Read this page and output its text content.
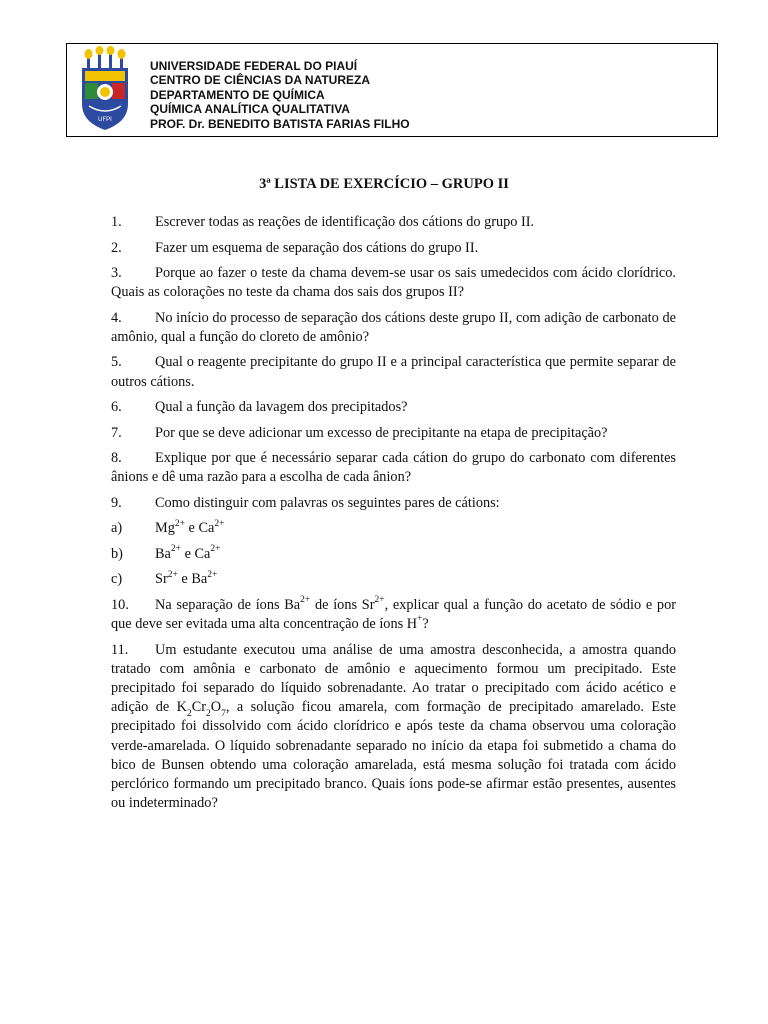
UFPI
UNIVERSIDADE FEDERAL DO PIAUÍ
CENTRO DE CIÊNCIAS DA NATUREZA
DEPARTAMENTO DE QUÍMICA
QUÍMICA ANALÍTICA QUALITATIVA
PROF. Dr. BENEDITO BATISTA FARIAS FILHO
3ª LISTA DE EXERCÍCIO – GRUPO II

1. Escrever todas as reações de identificação dos cátions do grupo II.

2. Fazer um esquema de separação dos cátions do grupo II.

3. Porque ao fazer o teste da chama devem-se usar os sais umedecidos com ácido clorídrico. Quais as colorações no teste da chama dos sais dos grupos II?

4. No início do processo de separação dos cátions deste grupo II, com adição de carbonato de amônio, qual a função do cloreto de amônio?

5. Qual o reagente precipitante do grupo II e a principal característica que permite separar de outros cátions.

6. Qual a função da lavagem dos precipitados?

7. Por que se deve adicionar um excesso de precipitante na etapa de precipitação?

8. Explique por que é necessário separar cada cátion do grupo do carbonato com diferentes ânions e dê uma razão para a escolha de cada ânion?

9. Como distinguir com palavras os seguintes pares de cátions:

a) $Mg^{2+}$ e $Ca^{2+}$

b) $Ba^{2+}$ e $Ca^{2+}$

c) $Sr^{2+}$ e $Ba^{2+}$

10. Na separação de íons $Ba^{2+}$ de íons $Sr^{2+}$, explicar qual a função do acetato de sódio e por que deve ser evitada uma alta concentração de íons H+?

11. Um estudante executou uma análise de uma amostra desconhecida, a amostra quando tratado com amônia e carbonato de amônio e aquecimento formou um precipitado. Este precipitado foi separado do líquido sobrenadante. Ao tratar o precipitado com ácido acético e adição de $K_2Cr_2O_7$, a solução ficou amarela, com formação de precipitado amarelado. Este precipitado foi dissolvido com ácido clorídrico e após teste da chama observou uma coloração verde-amarelada. O líquido sobrenadante separado no início da etapa foi submetido a chama do bico de Bunsen obtendo uma coloração amarelada, está mesma solução foi tratada com ácido perclórico formando um precipitado branco. Quais íons pode-se afirmar estão presentes, ausentes ou indeterminado?
